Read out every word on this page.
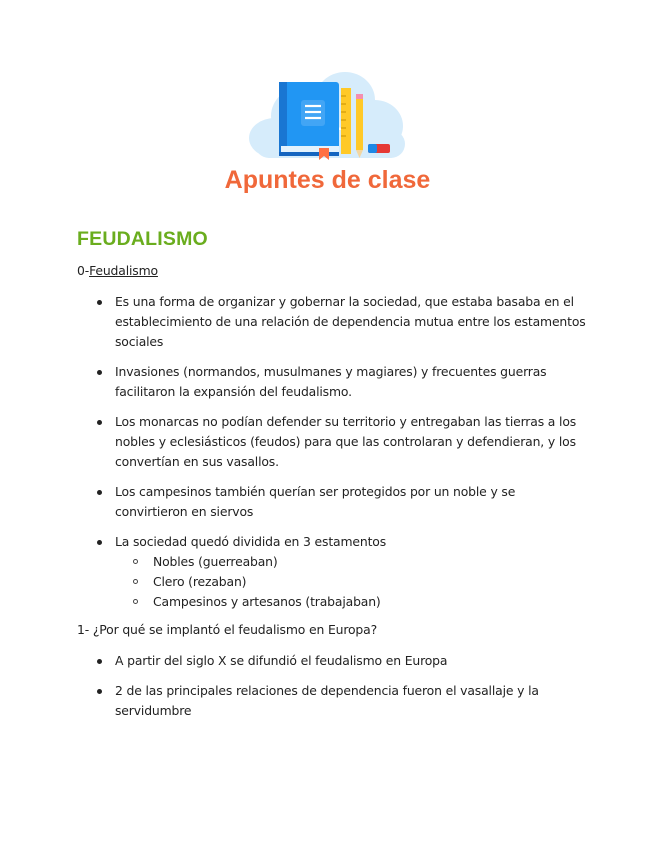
Apuntes de clase
FEUDALISMO

0-Feudalismo

Es una forma de organizar y gobernar la sociedad, que estaba basaba en el establecimiento de una relación de dependencia mutua entre los estamentos sociales
Invasiones (normandos, musulmanes y magiares) y frecuentes guerras facilitaron la expansión del feudalismo.
Los monarcas no podían defender su territorio y entregaban las tierras a los nobles y eclesiásticos (feudos) para que las controlaran y defendieran, y los convertían en sus vasallos.
Los campesinos también querían ser protegidos por un noble y se convirtieron en siervos
La sociedad quedó dividida en 3 estamentos
Nobles (guerreaban)
Clero (rezaban)
Campesinos y artesanos (trabajaban)

1- ¿Por qué se implantó el feudalismo en Europa?

A partir del siglo X se difundió el feudalismo en Europa
2 de las principales relaciones de dependencia fueron el vasallaje y la servidumbre
